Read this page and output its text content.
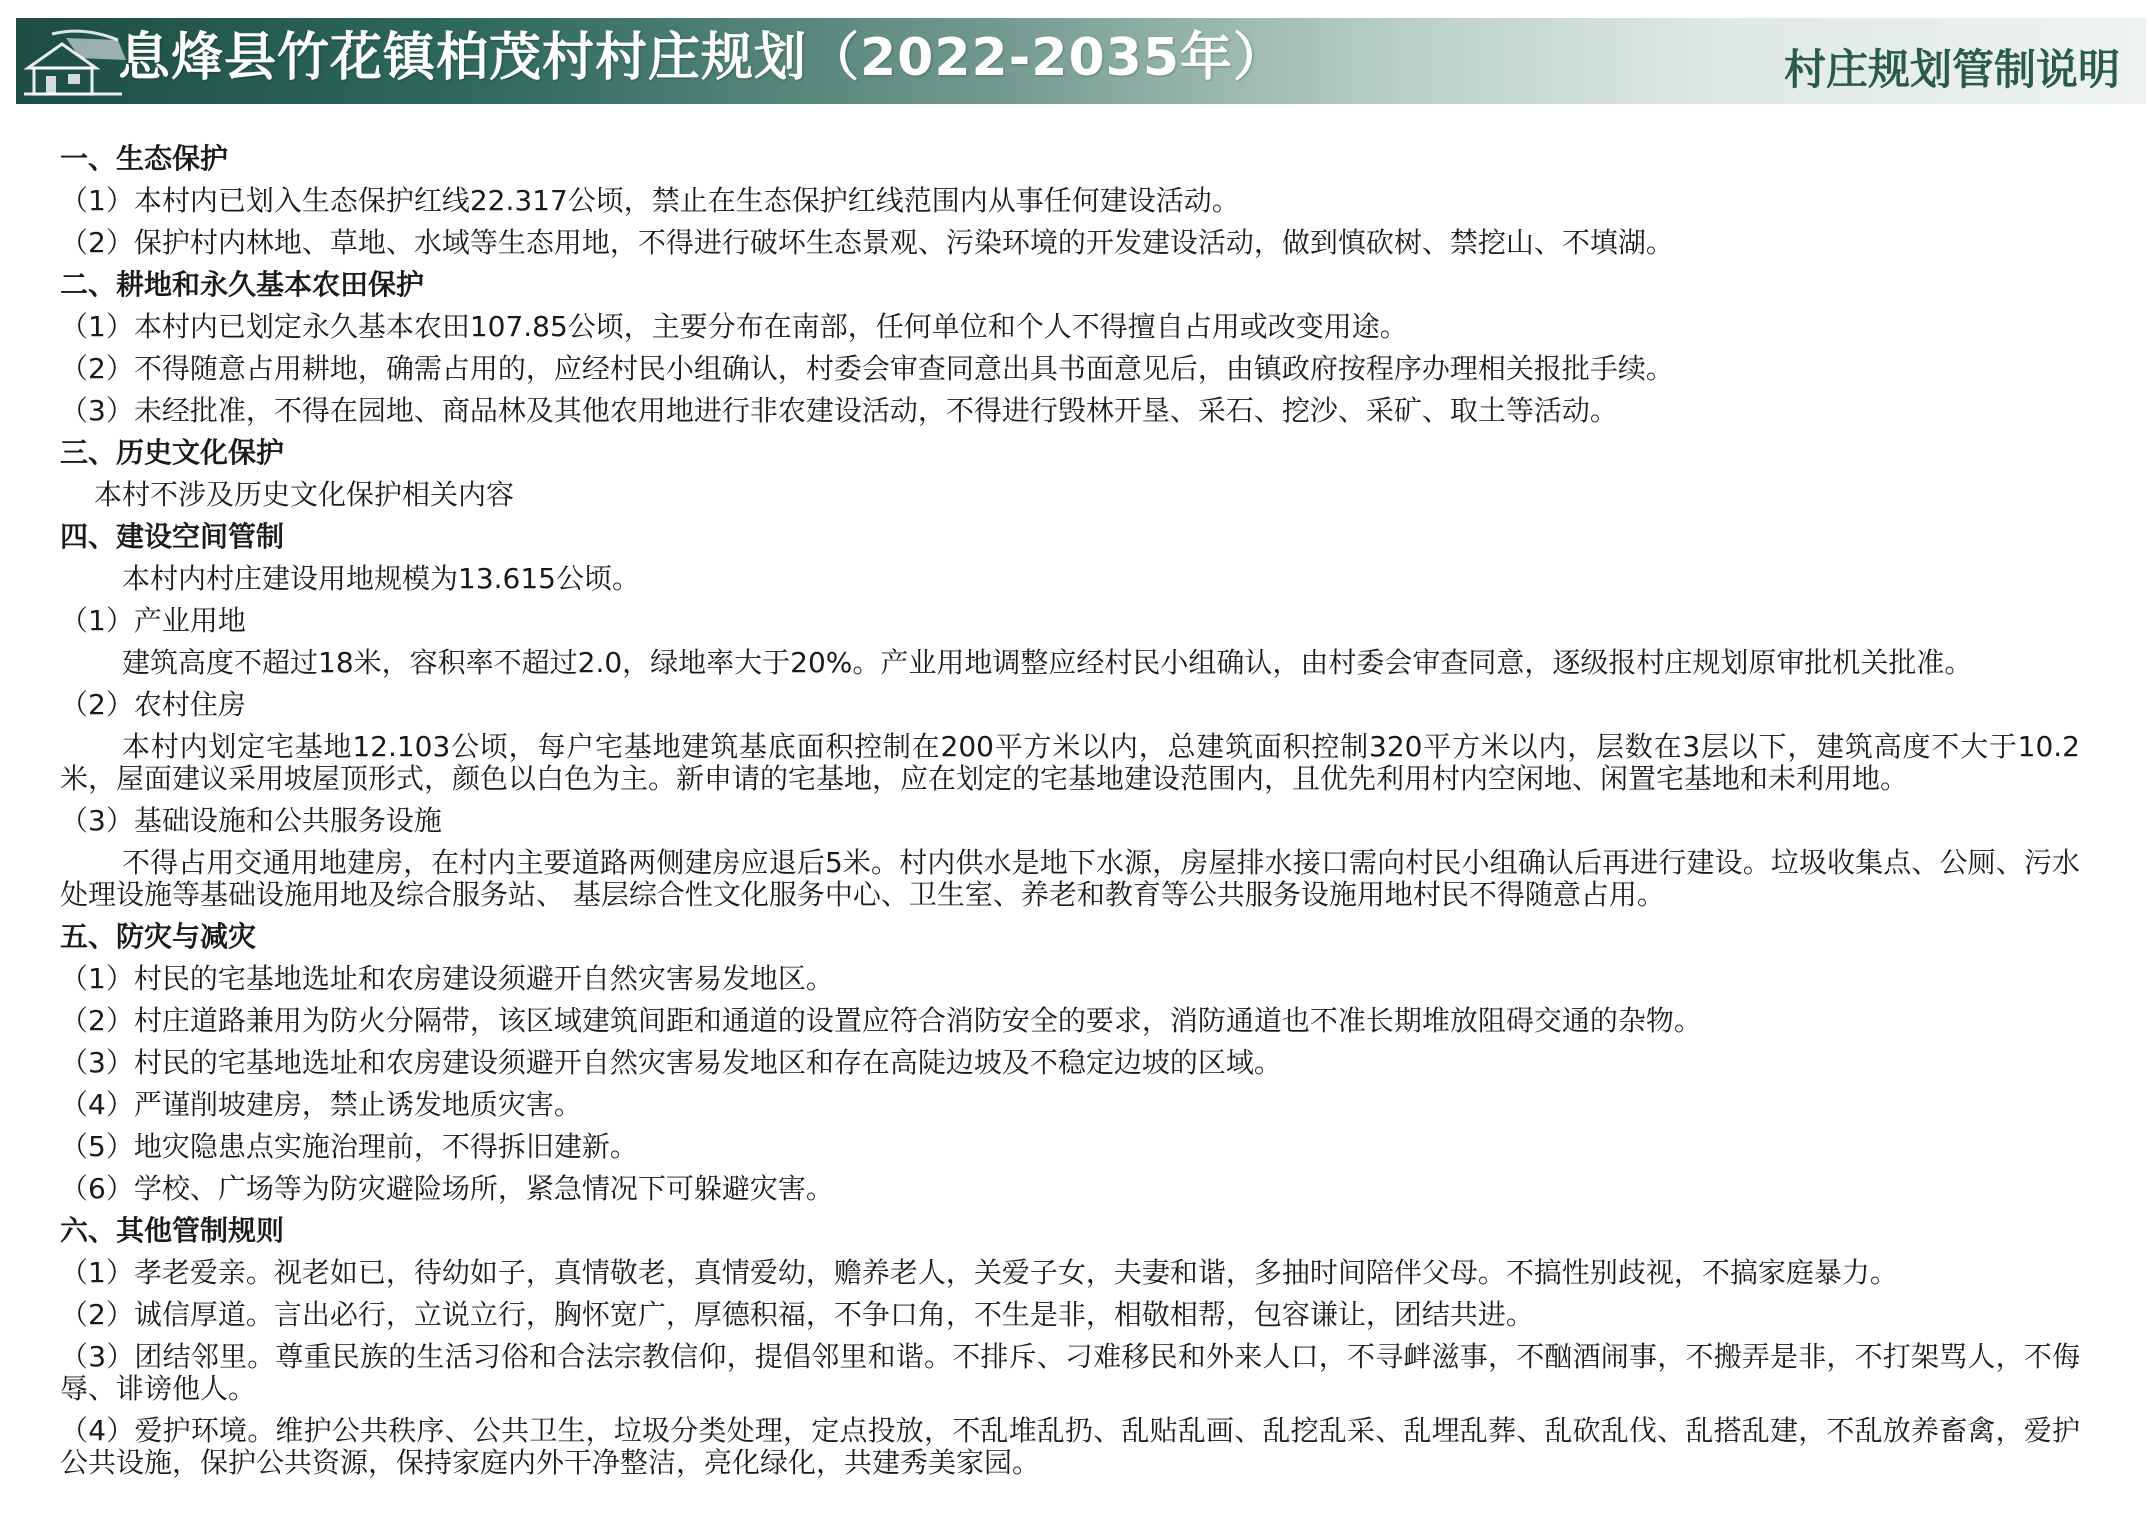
息烽县竹花镇柏茂村村庄规划（2022-2035年）	村庄规划管制说明
一、生态保护
（1）本村内已划入生态保护红线22.317公顷，禁止在生态保护红线范围内从事任何建设活动。
（2）保护村内林地、草地、水域等生态用地，不得进行破坏生态景观、污染环境的开发建设活动，做到慎砍树、禁挖山、不填湖。
二、耕地和永久基本农田保护
（1）本村内已划定永久基本农田107.85公顷，主要分布在南部，任何单位和个人不得擅自占用或改变用途。
（2）不得随意占用耕地，确需占用的，应经村民小组确认，村委会审查同意出具书面意见后，由镇政府按程序办理相关报批手续。
（3）未经批准，不得在园地、商品林及其他农用地进行非农建设活动，不得进行毁林开垦、采石、挖沙、采矿、取土等活动。
三、历史文化保护
本村不涉及历史文化保护相关内容
四、建设空间管制
本村内村庄建设用地规模为13.615公顷。
（1）产业用地
建筑高度不超过18米，容积率不超过2.0，绿地率大于20%。产业用地调整应经村民小组确认，由村委会审查同意，逐级报村庄规划原审批机关批准。
（2）农村住房
本村内划定宅基地12.103公顷，每户宅基地建筑基底面积控制在200平方米以内，总建筑面积控制320平方米以内，层数在3层以下，建筑高度不大于10.2米，屋面建议采用坡屋顶形式，颜色以白色为主。新申请的宅基地，应在划定的宅基地建设范围内，且优先利用村内空闲地、闲置宅基地和未利用地。
（3）基础设施和公共服务设施
不得占用交通用地建房，在村内主要道路两侧建房应退后5米。村内供水是地下水源，房屋排水接口需向村民小组确认后再进行建设。垃圾收集点、公厕、污水处理设施等基础设施用地及综合服务站、 基层综合性文化服务中心、卫生室、养老和教育等公共服务设施用地村民不得随意占用。
五、防灾与减灾
（1）村民的宅基地选址和农房建设须避开自然灾害易发地区。
（2）村庄道路兼用为防火分隔带，该区域建筑间距和通道的设置应符合消防安全的要求，消防通道也不准长期堆放阻碍交通的杂物。
（3）村民的宅基地选址和农房建设须避开自然灾害易发地区和存在高陡边坡及不稳定边坡的区域。
（4）严谨削坡建房，禁止诱发地质灾害。
（5）地灾隐患点实施治理前，不得拆旧建新。
（6）学校、广场等为防灾避险场所，紧急情况下可躲避灾害。
六、其他管制规则
（1）孝老爱亲。视老如已，待幼如子，真情敬老，真情爱幼，赡养老人，关爱子女，夫妻和谐，多抽时间陪伴父母。不搞性别歧视，不搞家庭暴力。
（2）诚信厚道。言出必行，立说立行，胸怀宽广，厚德积福，不争口角，不生是非，相敬相帮，包容谦让，团结共进。
（3）团结邻里。尊重民族的生活习俗和合法宗教信仰，提倡邻里和谐。不排斥、刁难移民和外来人口，不寻衅滋事，不酗酒闹事，不搬弄是非，不打架骂人，不侮辱、诽谤他人。
（4）爱护环境。维护公共秩序、公共卫生，垃圾分类处理，定点投放，不乱堆乱扔、乱贴乱画、乱挖乱采、乱埋乱葬、乱砍乱伐、乱搭乱建，不乱放养畜禽，爱护公共设施，保护公共资源，保持家庭内外干净整洁，亮化绿化，共建秀美家园。
